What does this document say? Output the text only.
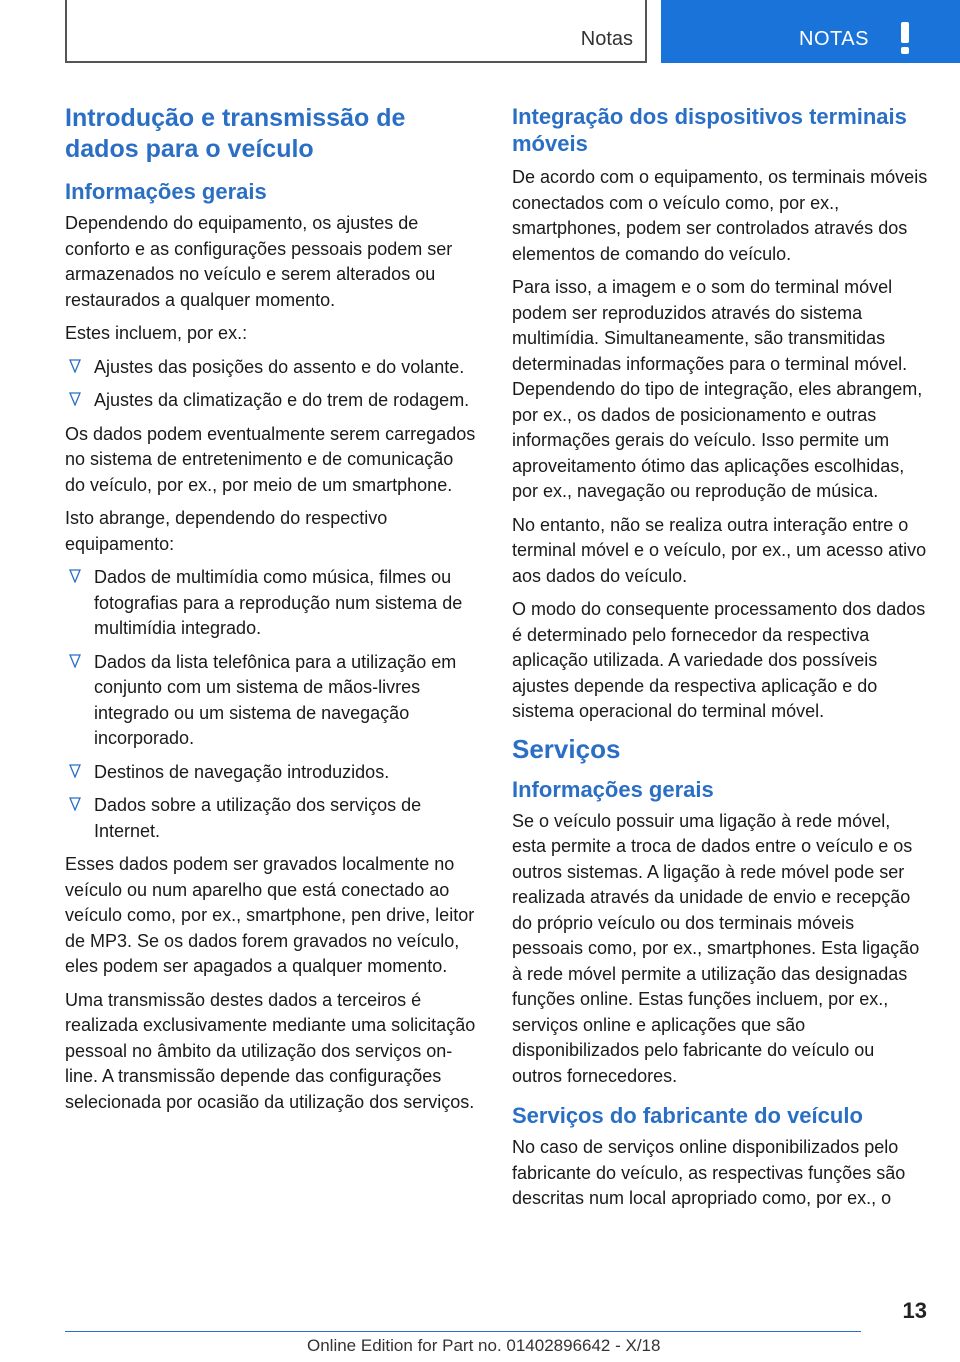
Notas	NOTAS
Introdução e transmissão de dados para o veículo
Informações gerais

Dependendo do equipamento, os ajustes de conforto e as configurações pessoais podem ser armazenados no veículo e serem alterados ou restaurados a qualquer momento.

Estes incluem, por ex.:

Ajustes das posições do assento e do volante.
Ajustes da climatização e do trem de rodagem.

Os dados podem eventualmente serem carregados no sistema de entretenimento e de comunicação do veículo, por ex., por meio de um smartphone.

Isto abrange, dependendo do respectivo equipamento:

Dados de multimídia como música, filmes ou fotografias para a reprodução num sistema de multimídia integrado.
Dados da lista telefônica para a utilização em conjunto com um sistema de mãos-livres integrado ou um sistema de navegação incorporado.
Destinos de navegação introduzidos.
Dados sobre a utilização dos serviços de Internet.

Esses dados podem ser gravados localmente no veículo ou num aparelho que está conectado ao veículo como, por ex., smartphone, pen drive, leitor de MP3. Se os dados forem gravados no veículo, eles podem ser apagados a qualquer momento.

Uma transmissão destes dados a terceiros é realizada exclusivamente mediante uma solicitação pessoal no âmbito da utilização dos serviços on-line. A transmissão depende das configurações selecionada por ocasião da utilização dos serviços.

Integração dos dispositivos terminais móveis

De acordo com o equipamento, os terminais móveis conectados com o veículo como, por ex., smartphones, podem ser controlados através dos elementos de comando do veículo.

Para isso, a imagem e o som do terminal móvel podem ser reproduzidos através do sistema multimídia. Simultaneamente, são transmitidas determinadas informações para o terminal móvel. Dependendo do tipo de integração, eles abrangem, por ex., os dados de posicionamento e outras informações gerais do veículo. Isso permite um aproveitamento ótimo das aplicações escolhidas, por ex., navegação ou reprodução de música.

No entanto, não se realiza outra interação entre o terminal móvel e o veículo, por ex., um acesso ativo aos dados do veículo.

O modo do consequente processamento dos dados é determinado pelo fornecedor da respectiva aplicação utilizada. A variedade dos possíveis ajustes depende da respectiva aplicação e do sistema operacional do terminal móvel.

Serviços
Informações gerais

Se o veículo possuir uma ligação à rede móvel, esta permite a troca de dados entre o veículo e os outros sistemas. A ligação à rede móvel pode ser realizada através da unidade de envio e recepção do próprio veículo ou dos terminais móveis pessoais como, por ex., smartphones. Esta ligação à rede móvel permite a utilização das designadas funções online. Estas funções incluem, por ex., serviços online e aplicações que são disponibilizados pelo fabricante do veículo ou outros fornecedores.

Serviços do fabricante do veículo

No caso de serviços online disponibilizados pelo fabricante do veículo, as respectivas funções são descritas num local apropriado como, por ex., o

13
Online Edition for Part no. 01402896642 - X/18
